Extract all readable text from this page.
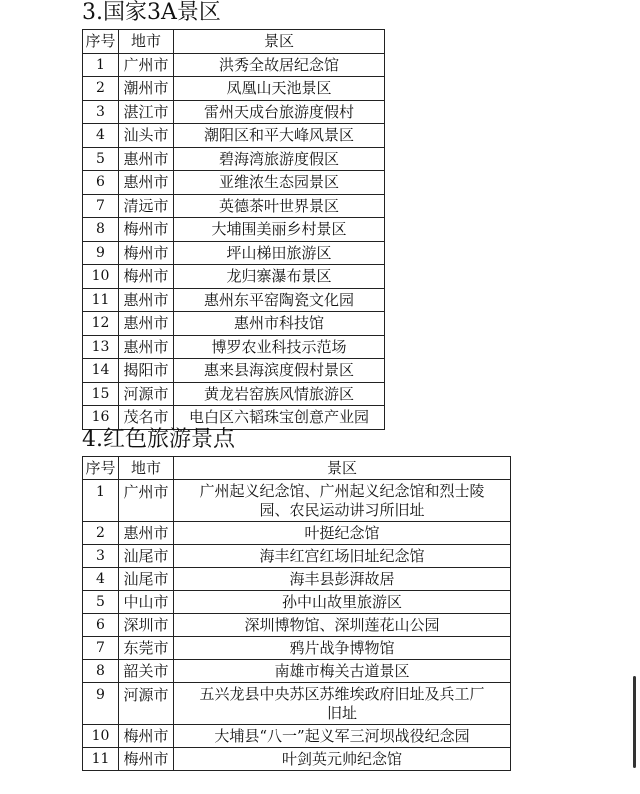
3.国家3A景区
序号	地市	景区
1	广州市	洪秀全故居纪念馆
2	潮州市	凤凰山天池景区
3	湛江市	雷州天成台旅游度假村
4	汕头市	潮阳区和平大峰风景区
5	惠州市	碧海湾旅游度假区
6	惠州市	亚维浓生态园景区
7	清远市	英德茶叶世界景区
8	梅州市	大埔围美丽乡村景区
9	梅州市	坪山梯田旅游区
10	梅州市	龙归寨瀑布景区
11	惠州市	惠州东平窑陶瓷文化园
12	惠州市	惠州市科技馆
13	惠州市	博罗农业科技示范场
14	揭阳市	惠来县海滨度假村景区
15	河源市	黄龙岩窑族风情旅游区
16	茂名市	电白区六韬珠宝创意产业园
4.红色旅游景点
序号	地市	景区
1	广州市	广州起义纪念馆、广州起义纪念馆和烈士陵
园、农民运动讲习所旧址

2	惠州市	叶挺纪念馆
3	汕尾市	海丰红宫红场旧址纪念馆
4	汕尾市	海丰县彭湃故居
5	中山市	孙中山故里旅游区
6	深圳市	深圳博物馆、深圳莲花山公园
7	东莞市	鸦片战争博物馆
8	韶关市	南雄市梅关古道景区
9	河源市	五兴龙县中央苏区苏维埃政府旧址及兵工厂
旧址

10	梅州市	大埔县“八一”起义军三河坝战役纪念园
11	梅州市	叶剑英元帅纪念馆
